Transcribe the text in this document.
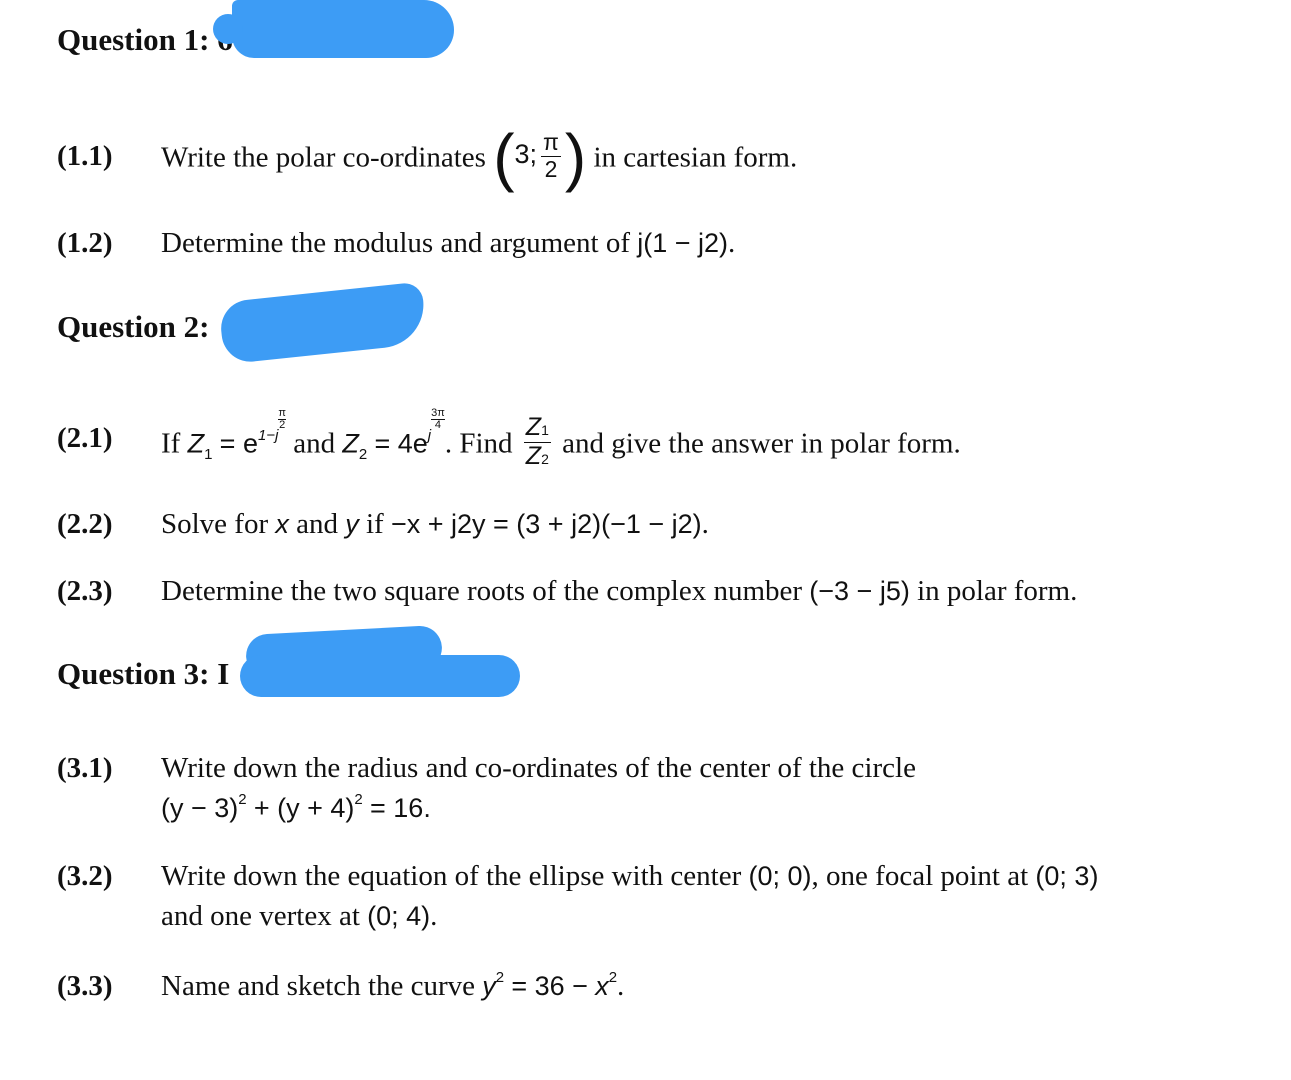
Question 1:
(1.1) Write the polar co-ordinates (3; $\frac{\pi}{2}$ ) in cartesian form.
(1.2) Determine the modulus and argument of j(1 − j2).
Question 2:
(2.1) If $Z_1 = e^{1-j}$
$\frac{\pi}{2}$
and $Z_2 = 4e^j$
$\frac{3\pi}{4}$
. Find $\frac{Z1}{Z2}$ and give the answer in polar form.
(2.2) Solve for x and y if −x + j2y = (3 + j2)(−1 − j2).
(2.3) Determine the two square roots of the complex number (−3 − j5) in polar form.
Question 3: I
(3.1) Write down the radius and co-ordinates of the center of the circle
$(y - 3)^2 + (y + 4)^2 = 16$.
(3.2) Write down the equation of the ellipse with center (0; 0), one focal point at (0; 3)
and one vertex at (0; 4).
(3.3) Name and sketch the curve $y^2 = 36 - x^2$.
